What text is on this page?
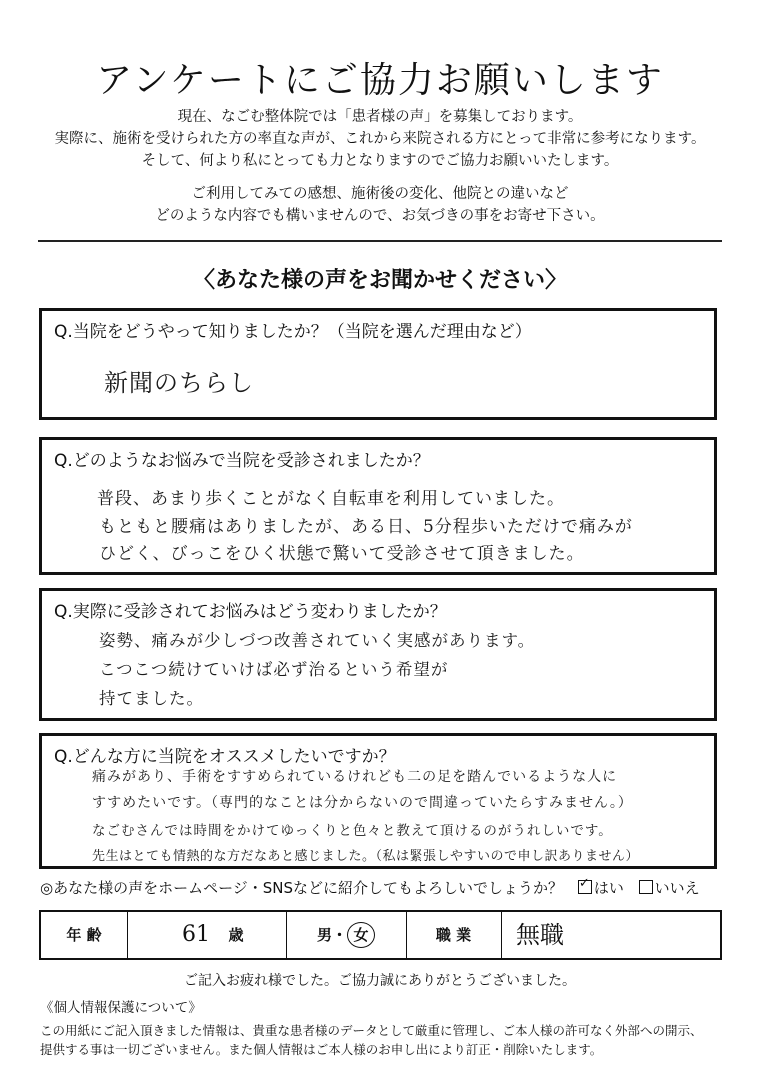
アンケートにご協力お願いします
現在、なごむ整体院では「患者様の声」を募集しております。
実際に、施術を受けられた方の率直な声が、これから来院される方にとって非常に参考になります。
そして、何より私にとっても力となりますのでご協力お願いいたします。
ご利用してみての感想、施術後の変化、他院との違いなど
どのような内容でも構いませんので、お気づきの事をお寄せ下さい。
〈あなた様の声をお聞かせください〉
Q.当院をどうやって知りましたか？（当院を選んだ理由など）
新聞のちらし
Q.どのようなお悩みで当院を受診されましたか？
普段、あまり歩くことがなく自転車を利用していました。
もともと腰痛はありましたが、ある日、5分程歩いただけで痛みが
ひどく、びっこをひく状態で驚いて受診させて頂きました。
Q.実際に受診されてお悩みはどう変わりましたか？
姿勢、痛みが少しづつ改善されていく実感があります。
こつこつ続けていけば必ず治るという希望が
持てました。
Q.どんな方に当院をオススメしたいですか？
痛みがあり、手術をすすめられているけれども二の足を踏んでいるような人に
すすめたいです。（専門的なことは分からないので間違っていたらすみません。）
なごむさんでは時間をかけてゆっくりと色々と教えて頂けるのがうれしいです。
先生はとても情熱的な方だなあと感じました。（私は緊張しやすいので申し訳ありません）
◎あなた様の声をホームページ・SNSなどに紹介してもよろしいでしょうか？ ✓ はい いいえ
年 齢	61	歳	男・ 女	職 業	無職
ご記入お疲れ様でした。ご協力誠にありがとうございました。
《個人情報保護について》
この用紙にご記入頂きました情報は、貴重な患者様のデータとして厳重に管理し、ご本人様の許可なく外部への開示、
提供する事は一切ございません。また個人情報はご本人様のお申し出により訂正・削除いたします。
